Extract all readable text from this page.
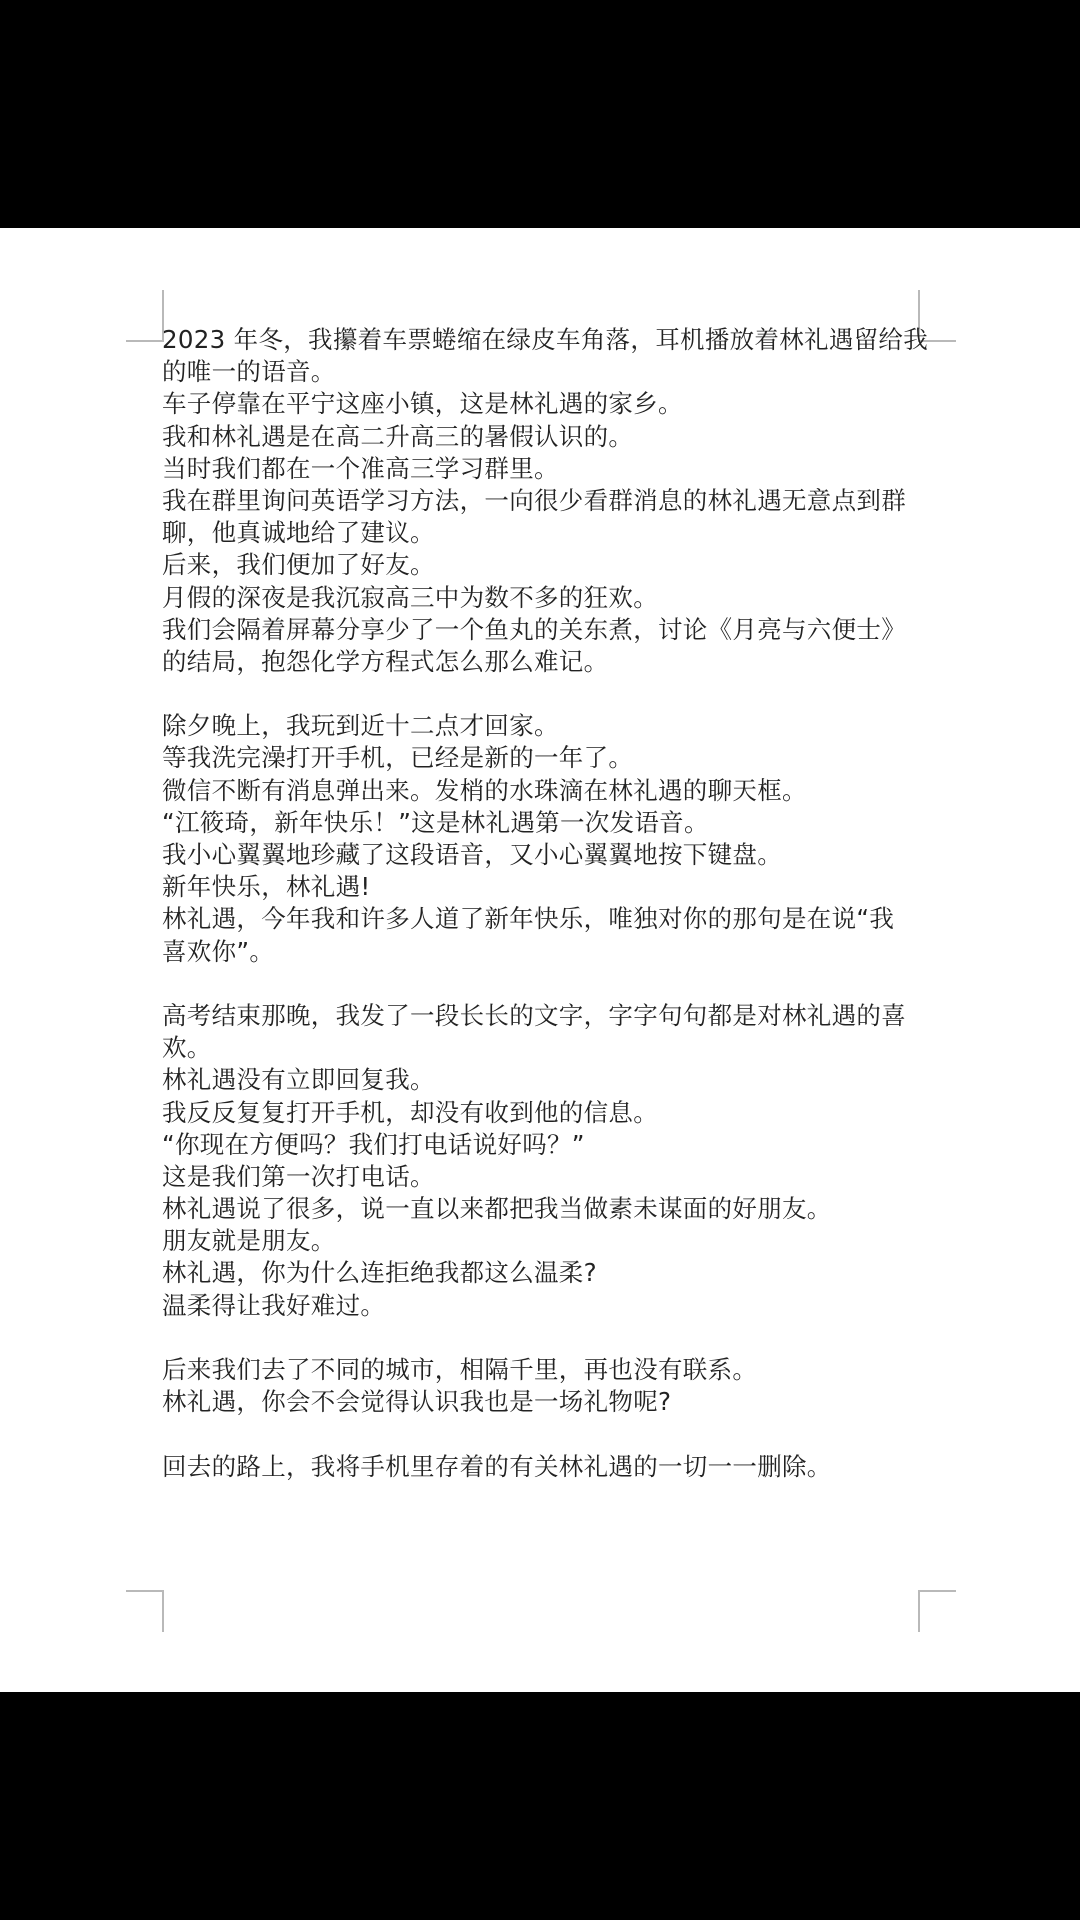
2023 年冬，我攥着车票蜷缩在绿皮车角落，耳机播放着林礼遇留给我
的唯一的语音。
车子停靠在平宁这座小镇，这是林礼遇的家乡。
我和林礼遇是在高二升高三的暑假认识的。
当时我们都在一个准高三学习群里。
我在群里询问英语学习方法，一向很少看群消息的林礼遇无意点到群
聊，他真诚地给了建议。
后来，我们便加了好友。
月假的深夜是我沉寂高三中为数不多的狂欢。
我们会隔着屏幕分享少了一个鱼丸的关东煮，讨论《月亮与六便士》
的结局，抱怨化学方程式怎么那么难记。
除夕晚上，我玩到近十二点才回家。
等我洗完澡打开手机，已经是新的一年了。
微信不断有消息弹出来。发梢的水珠滴在林礼遇的聊天框。
“江筱琦，新年快乐！”这是林礼遇第一次发语音。
我小心翼翼地珍藏了这段语音，又小心翼翼地按下键盘。
新年快乐，林礼遇!
林礼遇，今年我和许多人道了新年快乐，唯独对你的那句是在说“我
喜欢你”。
高考结束那晚，我发了一段长长的文字，字字句句都是对林礼遇的喜
欢。
林礼遇没有立即回复我。
我反反复复打开手机，却没有收到他的信息。
“你现在方便吗？我们打电话说好吗？”
这是我们第一次打电话。
林礼遇说了很多，说一直以来都把我当做素未谋面的好朋友。
朋友就是朋友。
林礼遇，你为什么连拒绝我都这么温柔?
温柔得让我好难过。
后来我们去了不同的城市，相隔千里，再也没有联系。
林礼遇，你会不会觉得认识我也是一场礼物呢?
回去的路上，我将手机里存着的有关林礼遇的一切一一删除。
